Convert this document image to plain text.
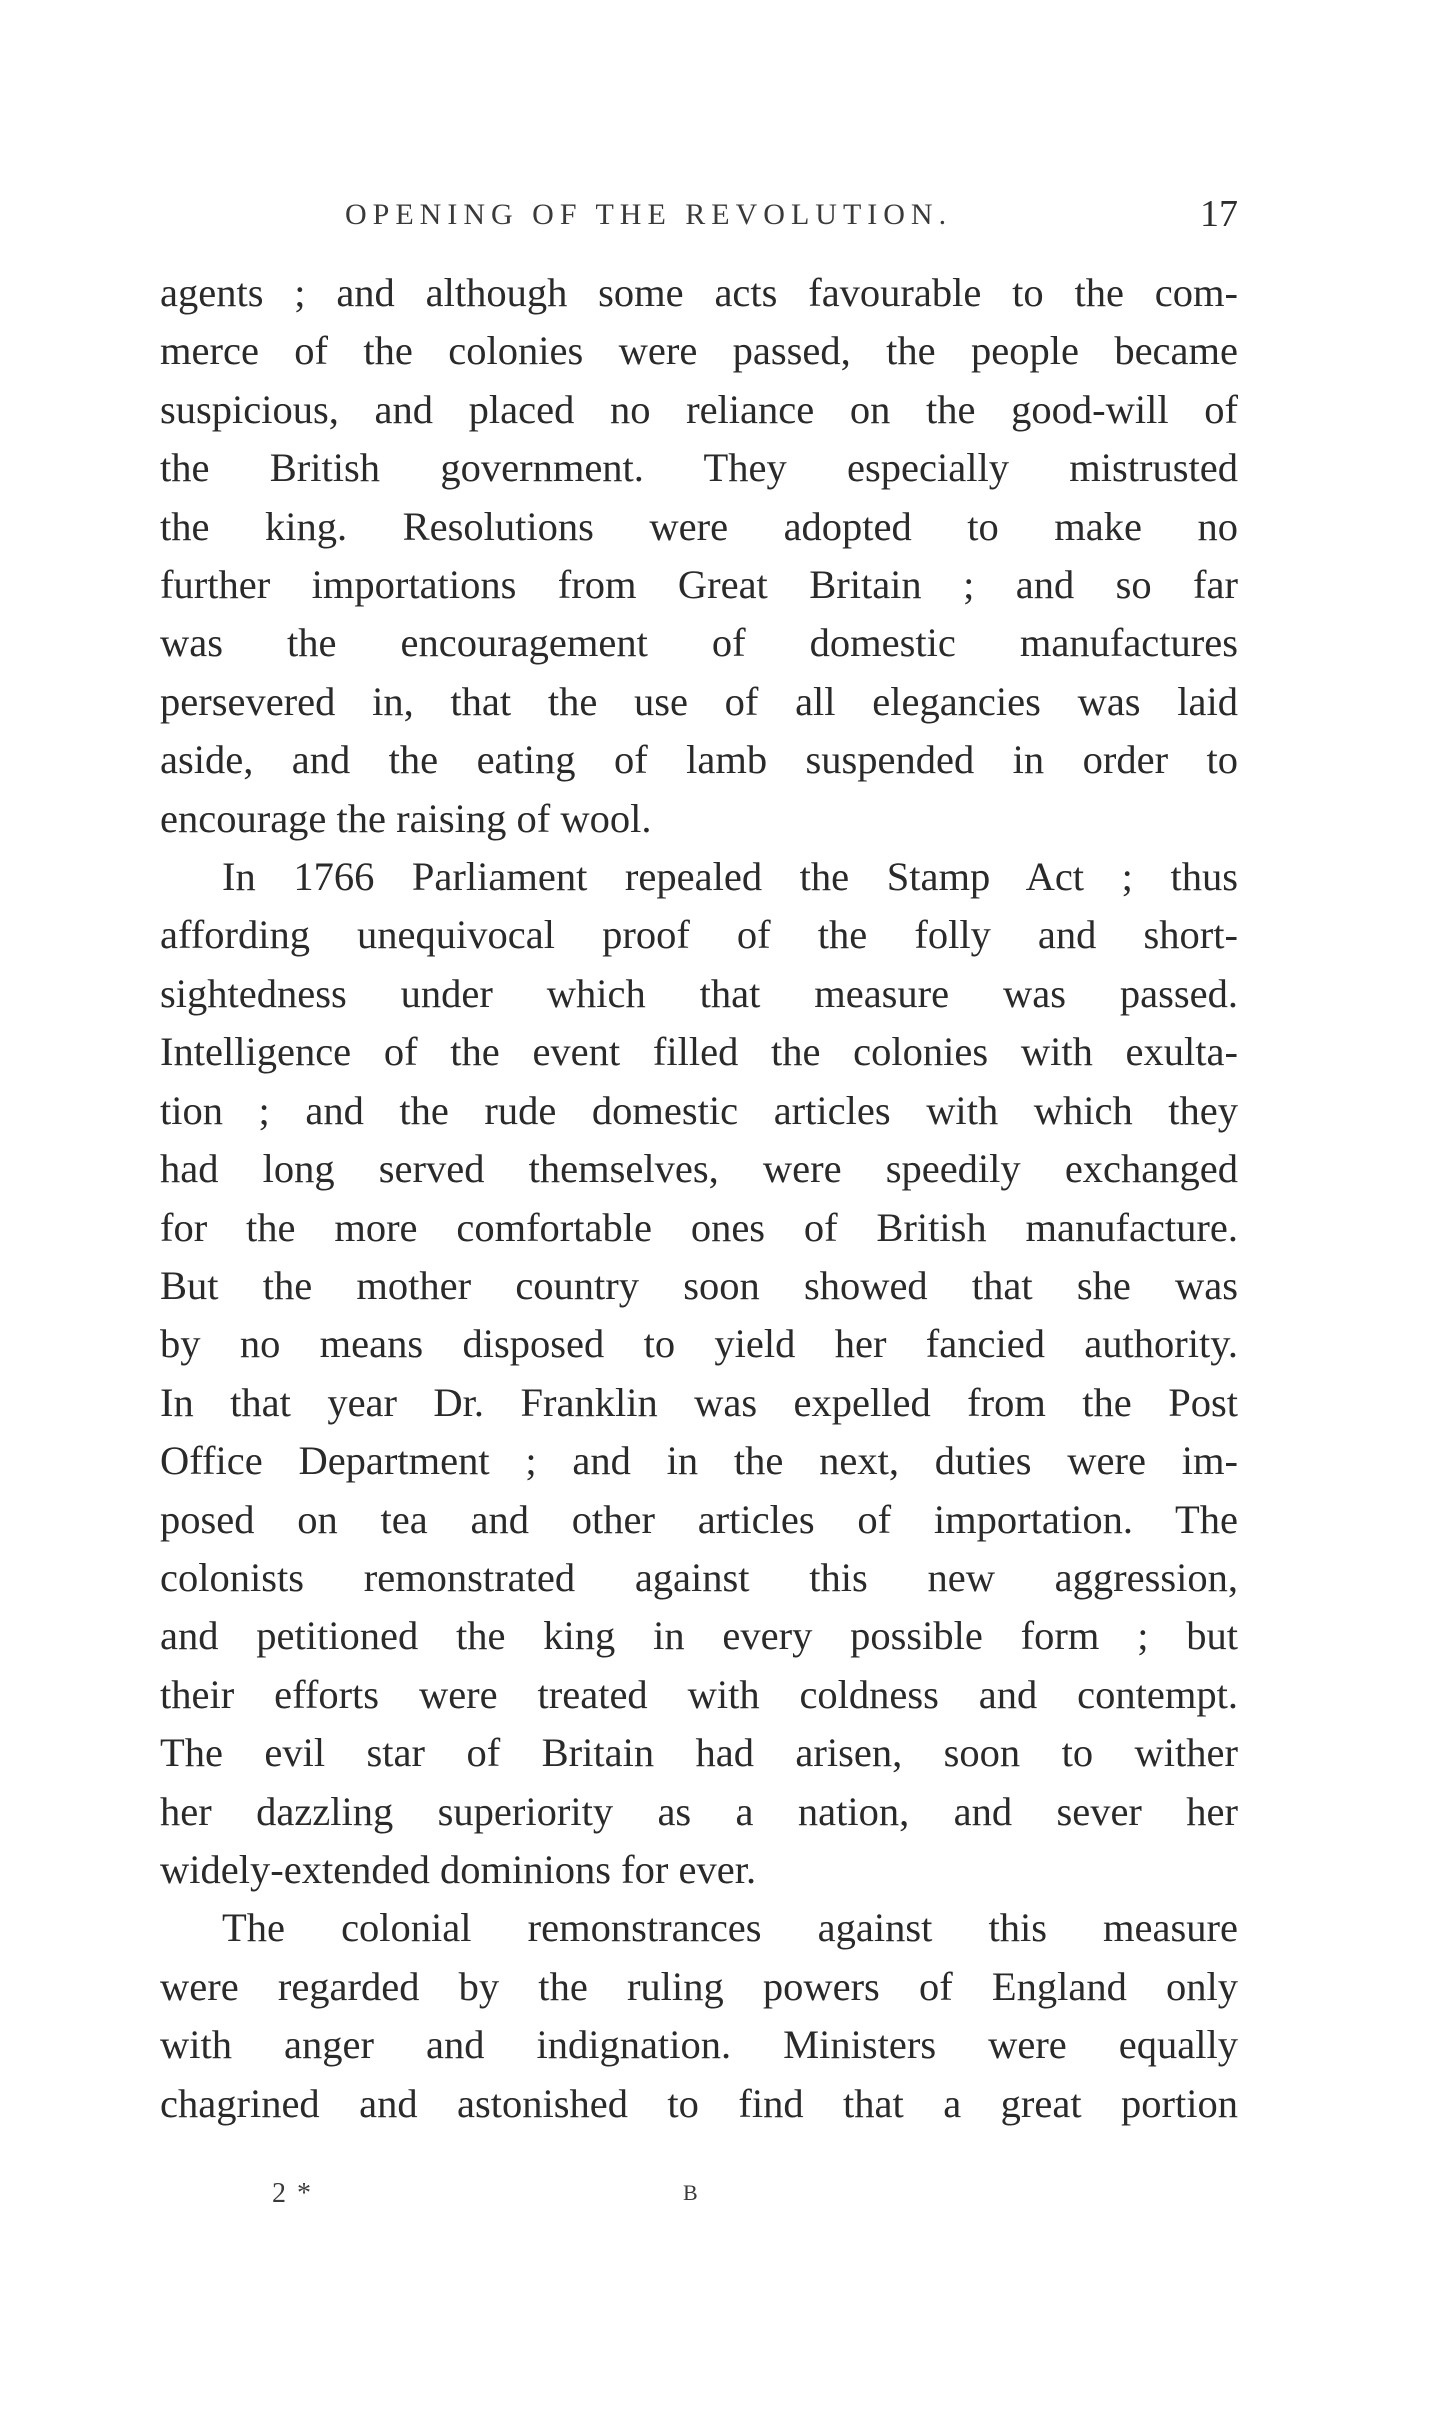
OPENING OF THE REVOLUTION.	17

agents ; and although some acts favourable to the com-
merce of the colonies were passed, the people became
suspicious, and placed no reliance on the good-will of
the British government. They especially mistrusted
the king. Resolutions were adopted to make no
further importations from Great Britain ; and so far
was the encouragement of domestic manufactures
persevered in, that the use of all elegancies was laid
aside, and the eating of lamb suspended in order to
encourage the raising of wool.

In 1766 Parliament repealed the Stamp Act ; thus
affording unequivocal proof of the folly and short-
sightedness under which that measure was passed.
Intelligence of the event filled the colonies with exulta-
tion ; and the rude domestic articles with which they
had long served themselves, were speedily exchanged
for the more comfortable ones of British manufacture.
But the mother country soon showed that she was
by no means disposed to yield her fancied authority.
In that year Dr. Franklin was expelled from the Post
Office Department ; and in the next, duties were im-
posed on tea and other articles of importation. The
colonists remonstrated against this new aggression,
and petitioned the king in every possible form ; but
their efforts were treated with coldness and contempt.
The evil star of Britain had arisen, soon to wither
her dazzling superiority as a nation, and sever her
widely-extended dominions for ever.

The colonial remonstrances against this measure
were regarded by the ruling powers of England only
with anger and indignation. Ministers were equally
chagrined and astonished to find that a great portion

2 *	B
